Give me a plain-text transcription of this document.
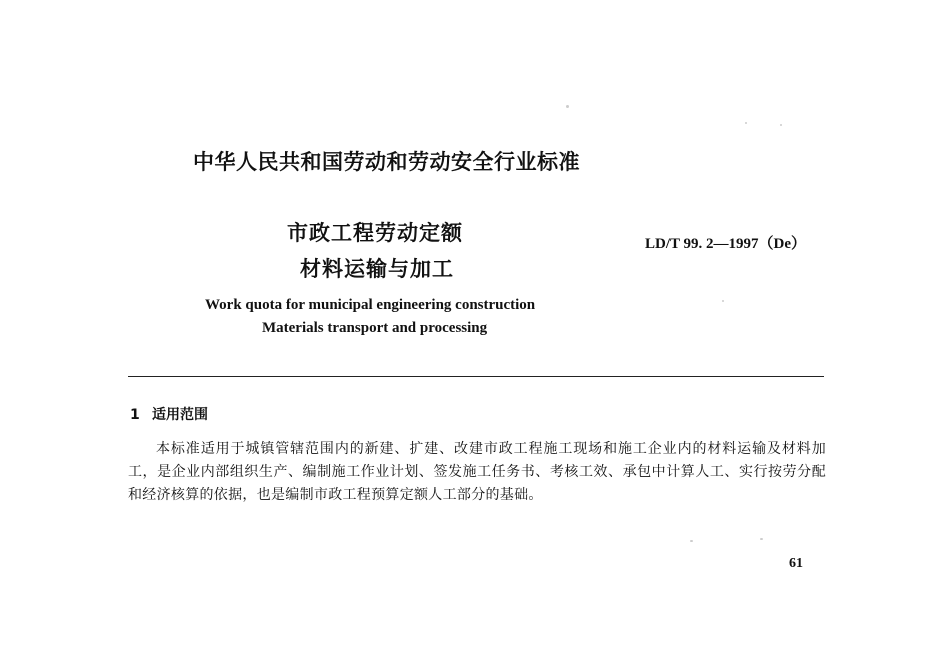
中华人民共和国劳动和劳动安全行业标准
市政工程劳动定额
材料运输与加工
LD/T 99. 2—1997（De）
Work quota for municipal engineering construction
Materials transport and processing
1 适用范围
本标准适用于城镇管辖范围内的新建、扩建、改建市政工程施工现场和施工企业内的材料运输及材料加工，是企业内部组织生产、编制施工作业计划、签发施工任务书、考核工效、承包中计算人工、实行按劳分配和经济核算的依据，也是编制市政工程预算定额人工部分的基础。
61
